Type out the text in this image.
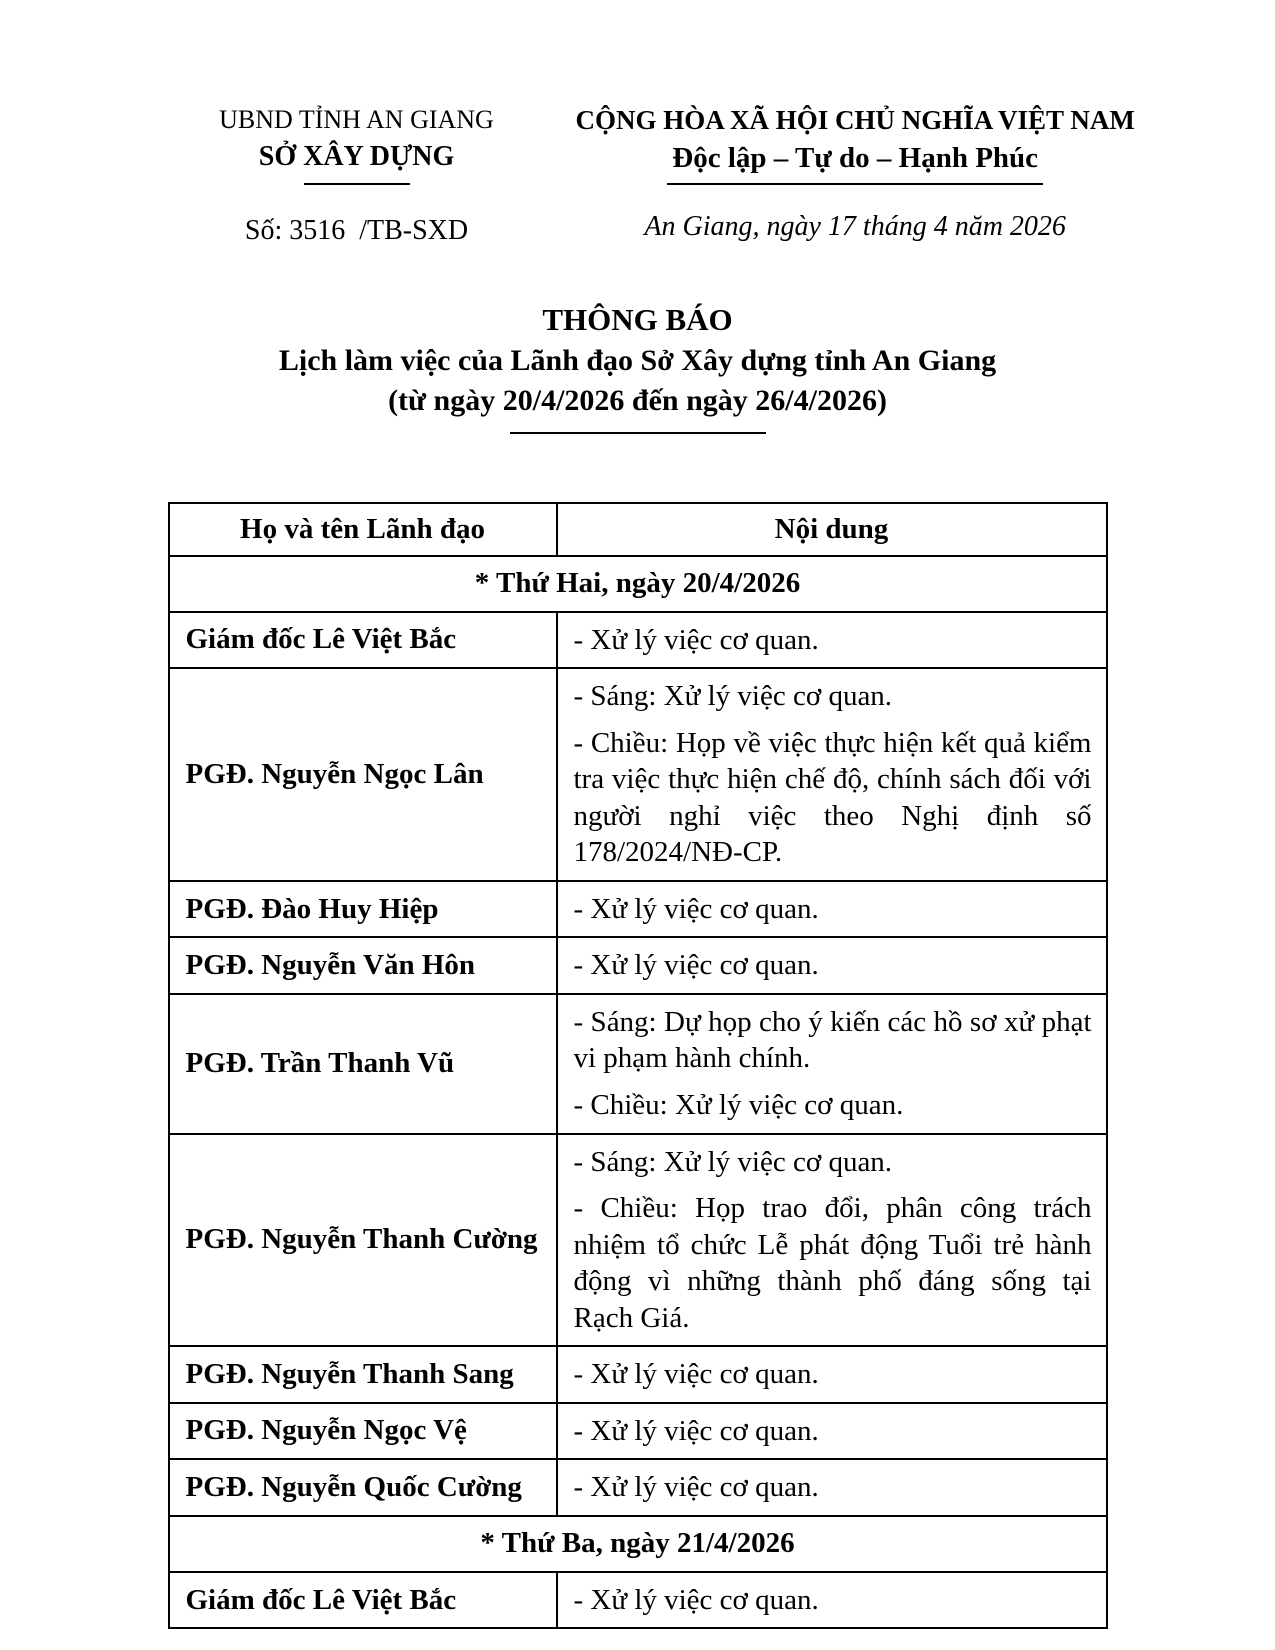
UBND TỈNH AN GIANG
SỞ XÂY DỰNG
Số: 3516  /TB-SXD
CỘNG HÒA XÃ HỘI CHỦ NGHĨA VIỆT NAM
Độc lập – Tự do – Hạnh Phúc
An Giang, ngày 17 tháng 4 năm 2026
THÔNG BÁO
Lịch làm việc của Lãnh đạo Sở Xây dựng tỉnh An Giang
(từ ngày 20/4/2026 đến ngày 26/4/2026)
Họ và tên Lãnh đạo	Nội dung
* Thứ Hai, ngày 20/4/2026	
Giám đốc Lê Việt Bắc	- Xử lý việc cơ quan.

PGĐ. Nguyễn Ngọc Lân	- Sáng: Xử lý việc cơ quan.

- Chiều: Họp về việc thực hiện kết quả kiểm tra việc thực hiện chế độ, chính sách đối với người nghỉ việc theo Nghị định số 178/2024/NĐ-CP.

PGĐ. Đào Huy Hiệp	- Xử lý việc cơ quan.

PGĐ. Nguyễn Văn Hôn	- Xử lý việc cơ quan.

PGĐ. Trần Thanh Vũ	- Sáng: Dự họp cho ý kiến các hồ sơ xử phạt vi phạm hành chính.

- Chiều: Xử lý việc cơ quan.

PGĐ. Nguyễn Thanh Cường	- Sáng: Xử lý việc cơ quan.

- Chiều: Họp trao đổi, phân công trách nhiệm tổ chức Lễ phát động Tuổi trẻ hành động vì những thành phố đáng sống tại Rạch Giá.

PGĐ. Nguyễn Thanh Sang	- Xử lý việc cơ quan.

PGĐ. Nguyễn Ngọc Vệ	- Xử lý việc cơ quan.

PGĐ. Nguyễn Quốc Cường	- Xử lý việc cơ quan.

* Thứ Ba, ngày 21/4/2026	
Giám đốc Lê Việt Bắc	- Xử lý việc cơ quan.
